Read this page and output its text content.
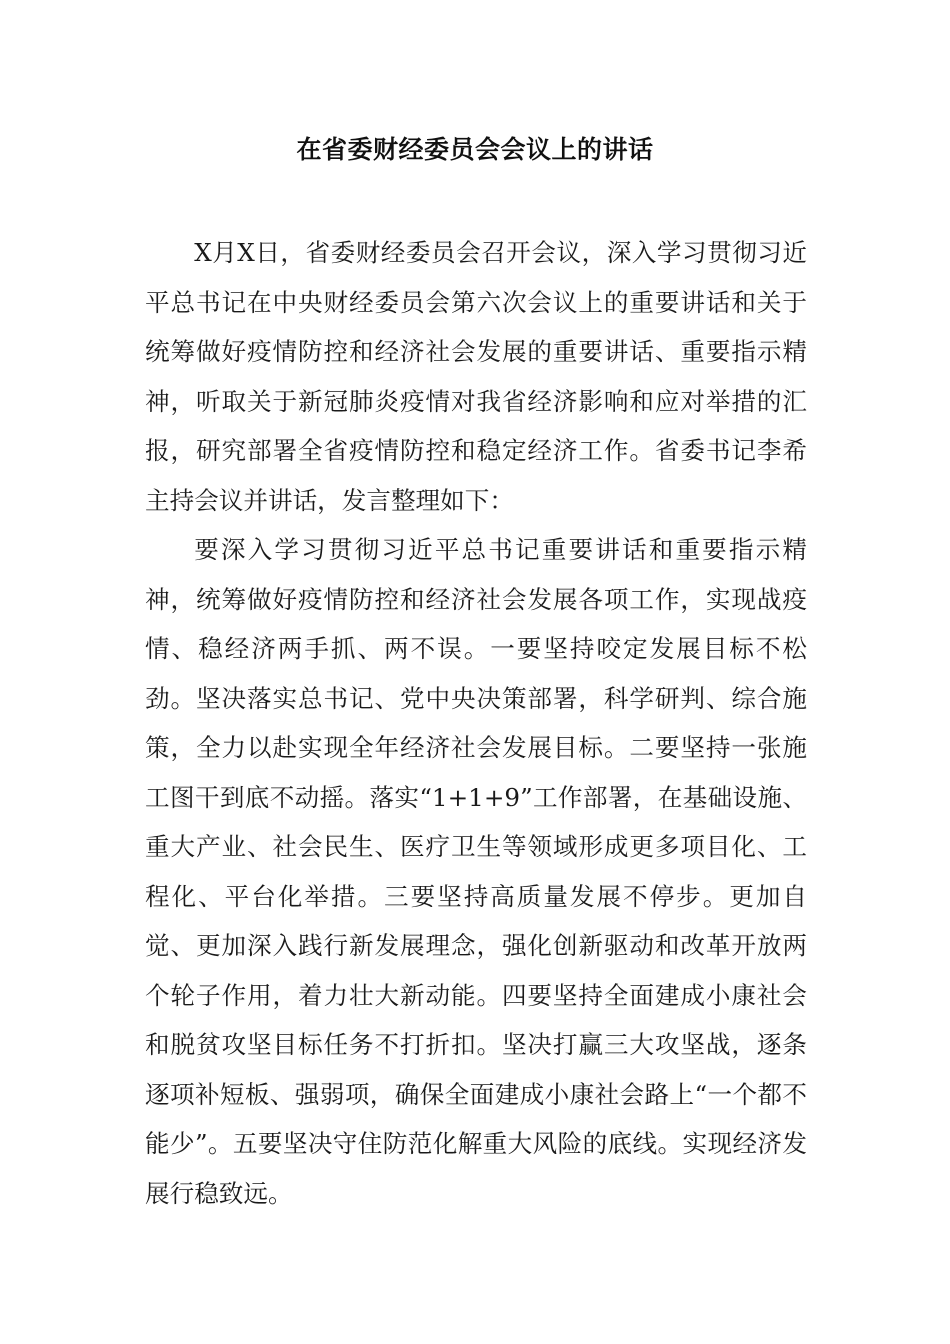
在省委财经委员会会议上的讲话

X月X日，省委财经委员会召开会议，深入学习贯彻习近平总书记在中央财经委员会第六次会议上的重要讲话和关于统筹做好疫情防控和经济社会发展的重要讲话、重要指示精神，听取关于新冠肺炎疫情对我省经济影响和应对举措的汇报，研究部署全省疫情防控和稳定经济工作。省委书记李希主持会议并讲话，发言整理如下：

要深入学习贯彻习近平总书记重要讲话和重要指示精神，统筹做好疫情防控和经济社会发展各项工作，实现战疫情、稳经济两手抓、两不误。一要坚持咬定发展目标不松劲。坚决落实总书记、党中央决策部署，科学研判、综合施策，全力以赴实现全年经济社会发展目标。二要坚持一张施工图干到底不动摇。落实“1+1+9”工作部署，在基础设施、重大产业、社会民生、医疗卫生等领域形成更多项目化、工程化、平台化举措。三要坚持高质量发展不停步。更加自觉、更加深入践行新发展理念，强化创新驱动和改革开放两个轮子作用，着力壮大新动能。四要坚持全面建成小康社会和脱贫攻坚目标任务不打折扣。坚决打赢三大攻坚战，逐条逐项补短板、强弱项，确保全面建成小康社会路上“一个都不能少”。五要坚决守住防范化解重大风险的底线。实现经济发展行稳致远。
